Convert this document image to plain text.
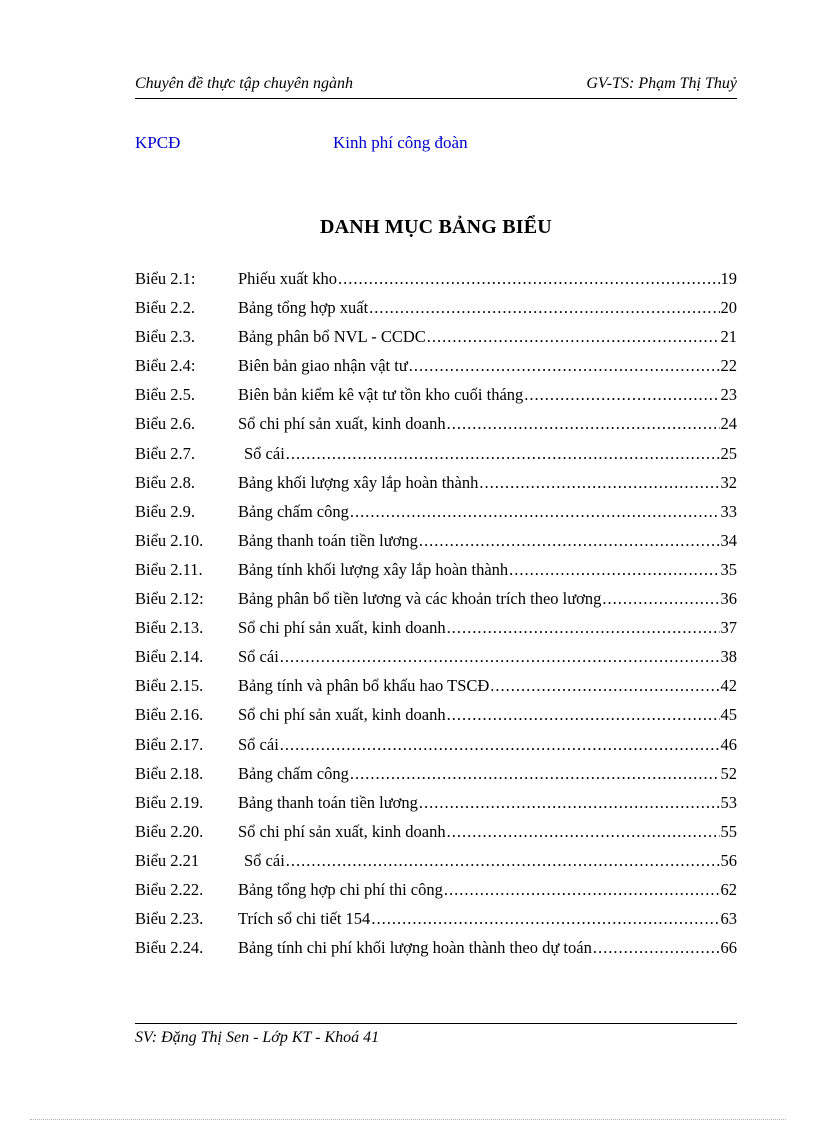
Chuyên đề thực tập chuyên ngành	GV-TS: Phạm Thị Thuỷ
KPCĐ	Kinh phí công đoàn
DANH MỤC BẢNG BIỂU
Biểu 2.1:	Phiếu xuất kho .....	19
Biểu 2.2.	Bảng tổng hợp xuất .....	20
Biểu 2.3.	Bảng phân bổ NVL - CCDC .....	21
Biểu 2.4:	Biên bản giao nhận vật tư .....	22
Biểu 2.5.	Biên bản kiểm kê vật tư tồn kho cuối tháng .....	23
Biểu 2.6.	Sổ chi phí sản xuất, kinh doanh .....	24
Biểu 2.7.	Sổ cái .....	25
Biểu 2.8.	Bảng khối lượng xây lắp hoàn thành .....	32
Biểu 2.9.	Bảng chấm công .....	33
Biểu 2.10.	Bảng thanh toán tiền lương .....	34
Biểu 2.11.	Bảng tính khối lượng xây lắp hoàn thành .....	35
Biểu 2.12:	Bảng phân bổ tiền lương và các khoản trích theo lương .....	36
Biểu 2.13.	Sổ chi phí sản xuất, kinh doanh .....	37
Biểu 2.14.	Sổ cái .....	38
Biểu 2.15.	Bảng tính và phân bổ khấu hao TSCĐ .....	42
Biểu 2.16.	Sổ chi phí sản xuất, kinh doanh .....	45
Biểu 2.17.	Sổ cái .....	46
Biểu 2.18.	Bảng chấm công .....	52
Biểu 2.19.	Bảng thanh toán tiền lương .....	53
Biểu 2.20.	Sổ chi phí sản xuất, kinh doanh .....	55
Biểu 2.21	Sổ cái .....	56
Biểu 2.22.	Bảng tổng hợp chi phí thi công .....	62
Biểu 2.23.	Trích sổ chi tiết 154 .....	63
Biểu 2.24.	Bảng tính chi phí khối lượng hoàn thành theo dự toán .....	66
SV: Đặng Thị Sen - Lớp KT - Khoá 41
